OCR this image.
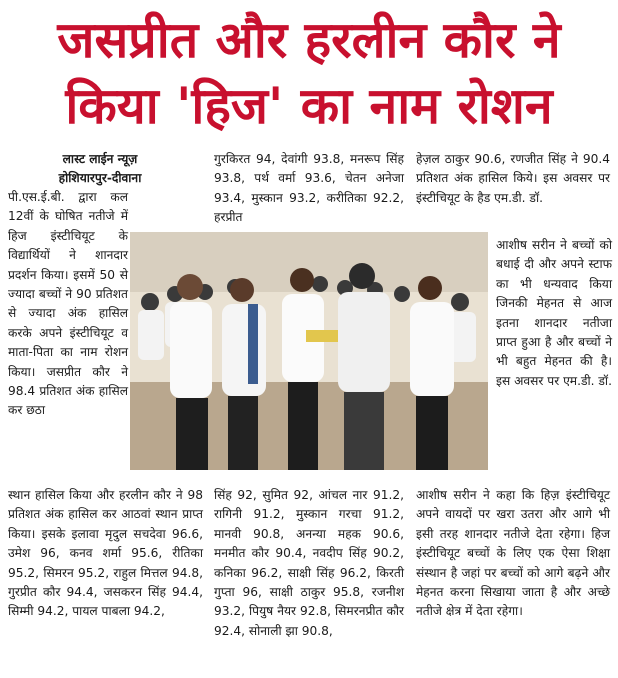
जसप्रीत और हरलीन कौर ने
किया 'हिज' का नाम रोशन
लास्ट लाईन न्यूज़
होशियारपुर-दीवाना

पी.एस.ई.बी. द्वारा कल 12वीं के घोषित नतीजे में हिज इंस्टीचियूट के विद्यार्थियों ने शानदार प्रदर्शन किया। इसमें 50 से ज्यादा बच्चों ने 90 प्रतिशत से ज्यादा अंक हासिल करके अपने इंस्टीचियूट व माता-पिता का नाम रोशन किया। जसप्रीत कौर ने 98.4 प्रतिशत अंक हासिल कर छठा

गुरकिरत 94, देवांगी 93.8, मनरूप सिंह 93.8, पर्थ वर्मा 93.6, चेतन अनेजा 93.4, मुस्कान 93.2, करीतिका 92.2, हरप्रीत

हेज़ल ठाकुर 90.6, रणजीत सिंह ने 90.4 प्रतिशत अंक हासिल किये। इस अवसर पर इंस्टीचियूट के हैड एम.डी. डॉ.

आशीष सरीन ने बच्चों को बधाई दी और अपने स्टाफ का भी धन्यवाद किया जिनकी मेहनत से आज इतना शानदार नतीजा प्राप्त हुआ है और बच्चों ने भी बहुत मेहनत की है। इस अवसर पर एम.डी. डॉ.

स्थान हासिल किया और हरलीन कौर ने 98 प्रतिशत अंक हासिल कर आठवां स्थान प्राप्त किया। इसके इलावा मृदुल सचदेवा 96.6, उमेश 96, कनव शर्मा 95.6, रीतिका 95.2, सिमरन 95.2, राहुल मित्तल 94.8, गुरप्रीत कौर 94.4, जसकरन सिंह 94.4, सिम्मी 94.2, पायल पाबला 94.2,

सिंह 92, सुमित 92, आंचल नार 91.2, रागिनी 91.2, मुस्कान गरचा 91.2, मानवी 90.8, अनन्या महक 90.6, मनमीत कौर 90.4, नवदीप सिंह 90.2, कनिका 96.2, साक्षी सिंह 96.2, किरती गुप्ता 96, साक्षी ठाकुर 95.8, रजनीश 93.2, पियुष नैयर 92.8, सिमरनप्रीत कौर 92.4, सोनाली झा 90.8,

आशीष सरीन ने कहा कि हिज़ इंस्टीचियूट अपने वायदों पर खरा उतरा और आगे भी इसी तरह शानदार नतीजे देता रहेगा। हिज इंस्टीचियूट बच्चों के लिए एक ऐसा शिक्षा संस्थान है जहां पर बच्चों को आगे बढ़ने और मेहनत करना सिखाया जाता है और अच्छे नतीजे क्षेत्र में देता रहेगा।
